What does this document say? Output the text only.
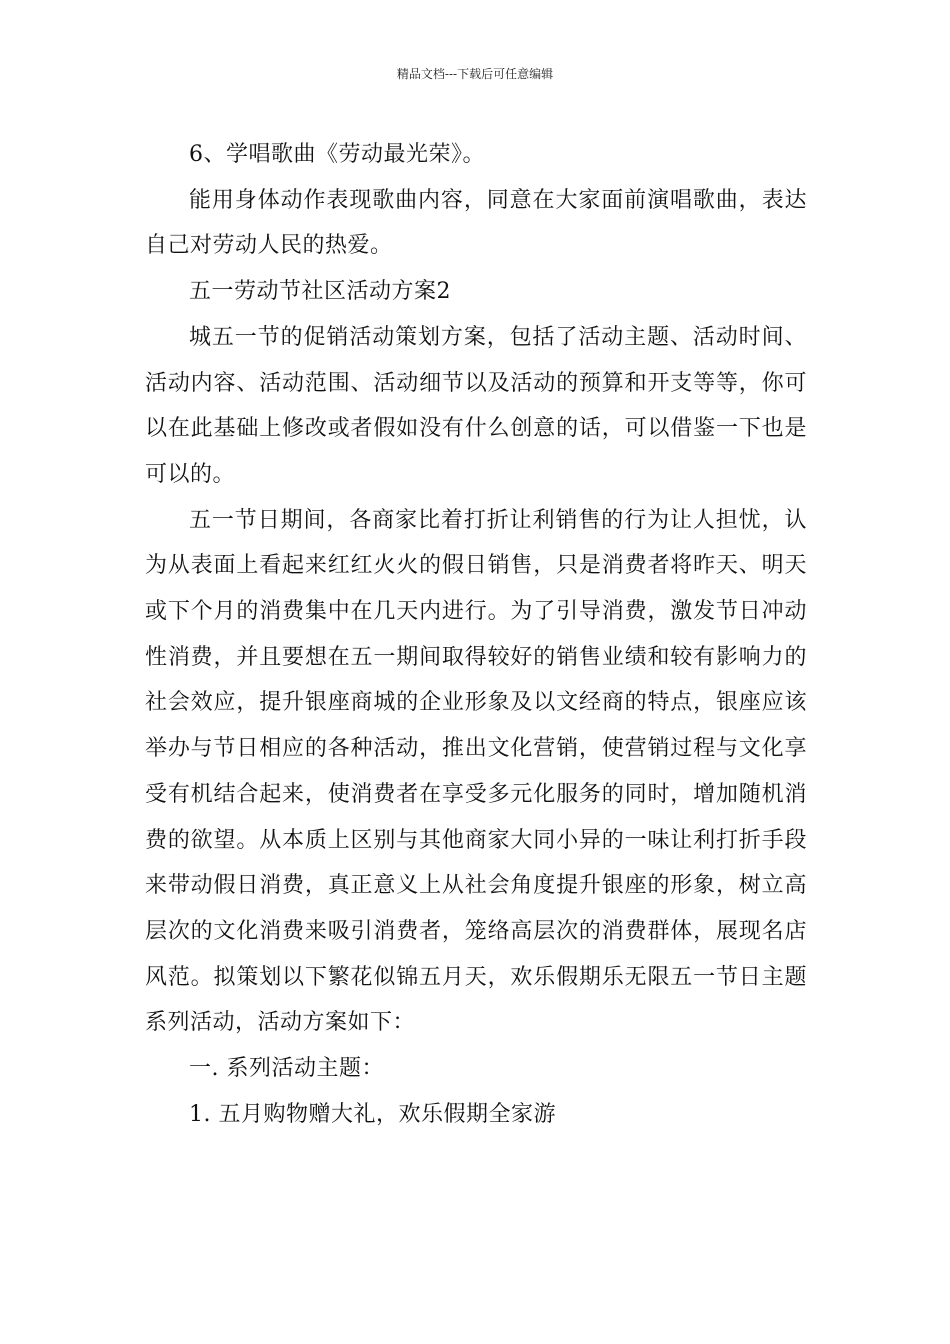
精品文档---下载后可任意编辑

6、学唱歌曲《劳动最光荣》。

能用身体动作表现歌曲内容，同意在大家面前演唱歌曲，表达自己对劳动人民的热爱。

五一劳动节社区活动方案2

城五一节的促销活动策划方案，包括了活动主题、活动时间、活动内容、活动范围、活动细节以及活动的预算和开支等等，你可以在此基础上修改或者假如没有什么创意的话，可以借鉴一下也是可以的。

五一节日期间，各商家比着打折让利销售的行为让人担忧，认为从表面上看起来红红火火的假日销售，只是消费者将昨天、明天或下个月的消费集中在几天内进行。为了引导消费，激发节日冲动性消费，并且要想在五一期间取得较好的销售业绩和较有影响力的社会效应，提升银座商城的企业形象及以文经商的特点，银座应该举办与节日相应的各种活动，推出文化营销，使营销过程与文化享受有机结合起来，使消费者在享受多元化服务的同时，增加随机消费的欲望。从本质上区别与其他商家大同小异的一味让利打折手段来带动假日消费，真正意义上从社会角度提升银座的形象，树立高层次的文化消费来吸引消费者，笼络高层次的消费群体，展现名店风范。拟策划以下繁花似锦五月天，欢乐假期乐无限五一节日主题系列活动，活动方案如下：

一. 系列活动主题：

1. 五月购物赠大礼，欢乐假期全家游
